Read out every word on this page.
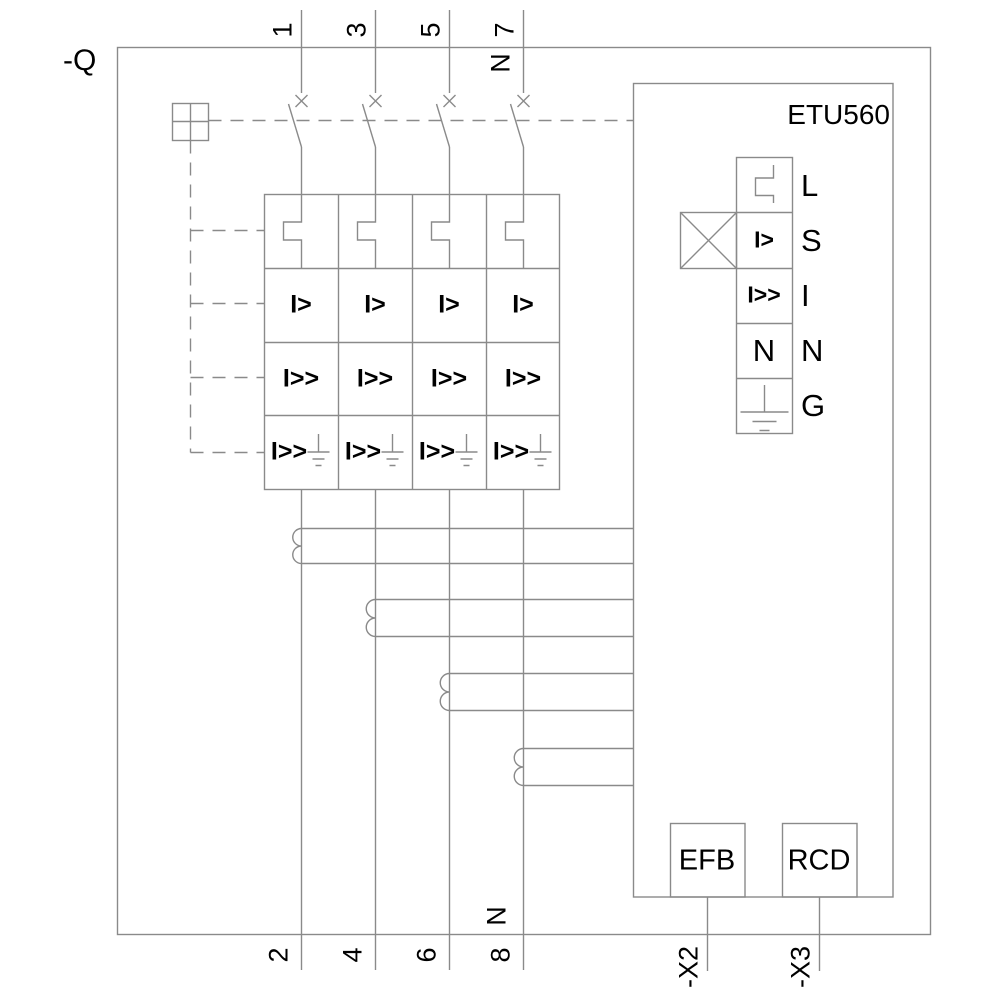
-Q
1 3 5 7
N
2 4 6 8
N
I> I> I> I>
I>> I>> I>> I>>
I>> I>> I>> I>>
ETU560
I>
I>>
N
L
S
I
N
G
EFB RCD
-X2	-X3
